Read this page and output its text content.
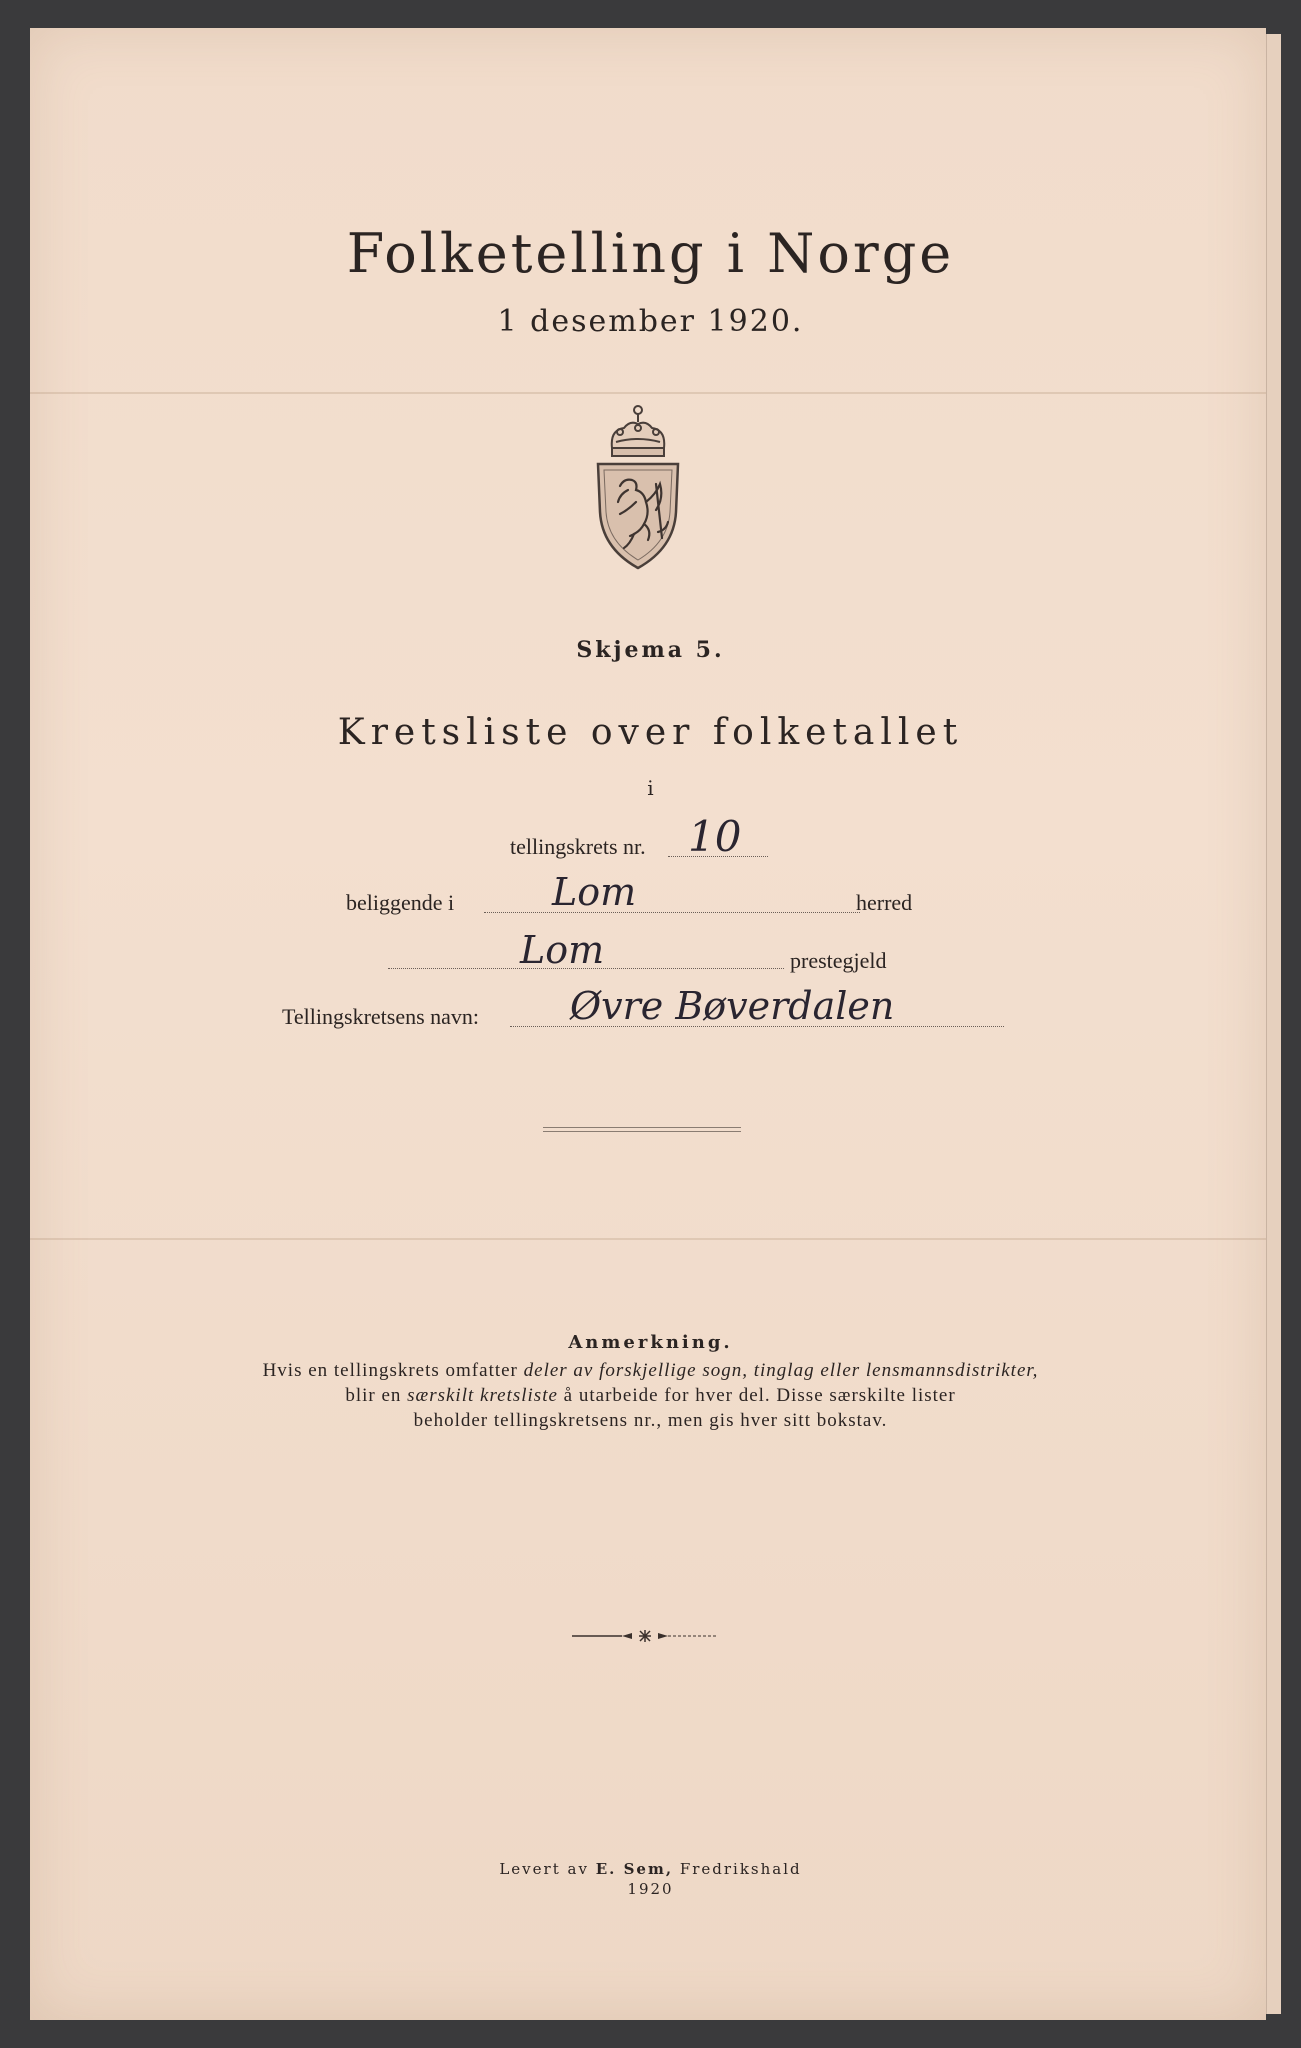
Folketelling i Norge
1 desember 1920.
Skjema 5.
Kretsliste over folketallet
i
tellingskrets nr. 10
beliggende i	Lom	herred
Lom	prestegjeld
Tellingskretsens navn: Øvre Bøverdalen
Anmerkning.
Hvis en tellingskrets omfatter deler av forskjellige sogn, tinglag eller lensmannsdistrikter,
blir en særskilt kretsliste å utarbeide for hver del. Disse særskilte lister
beholder tellingskretsens nr., men gis hver sitt bokstav.
Levert av E. Sem, Fredrikshald
1920
